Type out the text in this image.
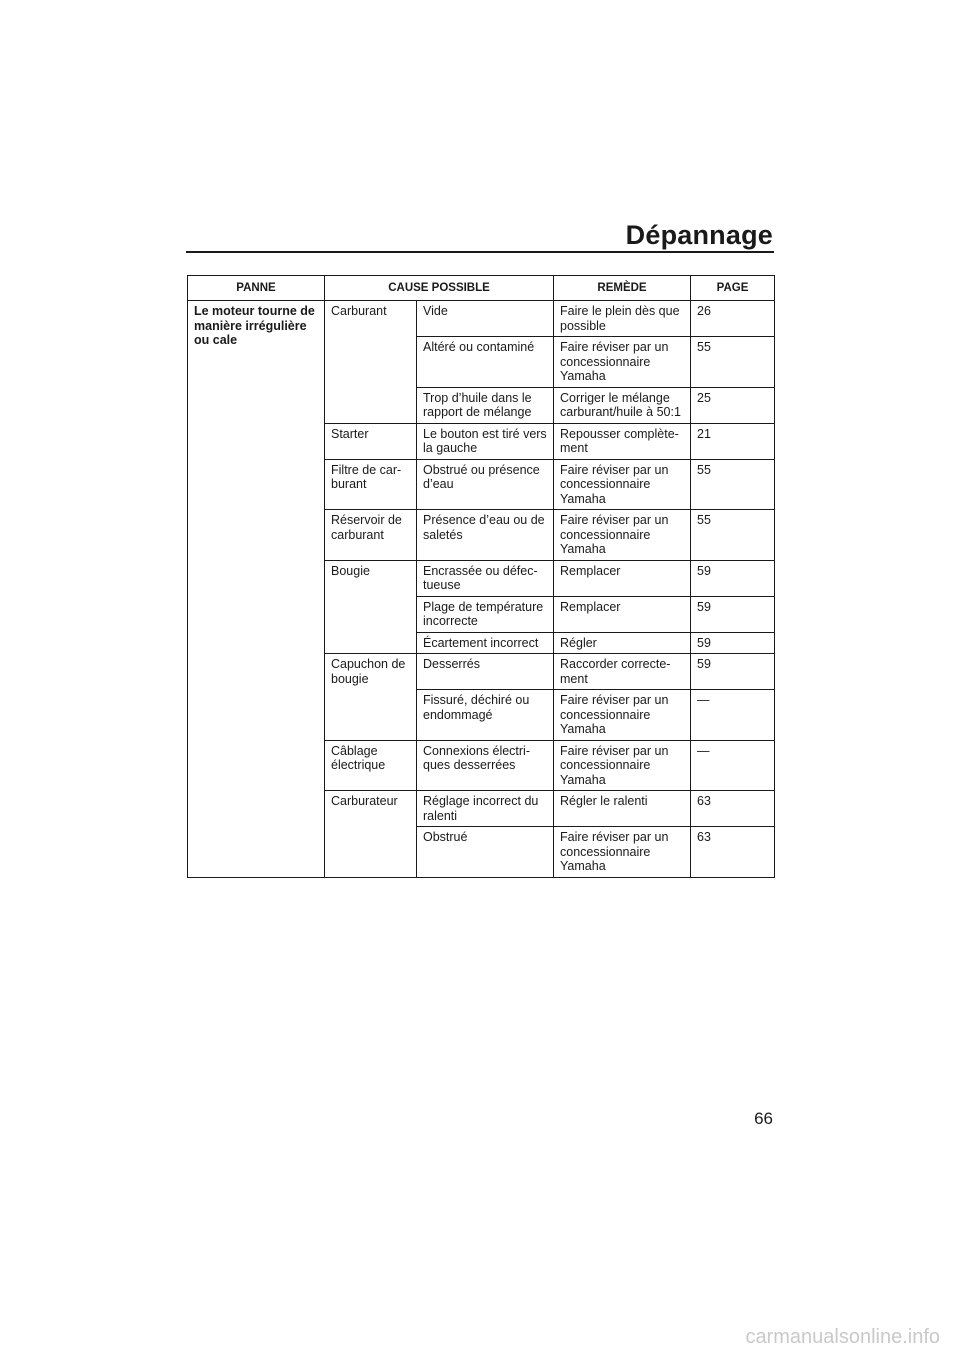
Dépannage
PANNE	CAUSE POSSIBLE		REMÈDE	PAGE
Le moteur tourne de manière irrégulière ou cale	Carburant	Vide	Faire le plein dès que possible	26
		Altéré ou contaminé	Faire réviser par un concessionnaire Yamaha	55
		Trop d’huile dans le rapport de mélange	Corriger le mélange carburant/huile à 50:1	25
	Starter	Le bouton est tiré vers la gauche	Repousser complète-ment	21
	Filtre de car-burant	Obstrué ou présence d’eau	Faire réviser par un concessionnaire Yamaha	55
	Réservoir de carburant	Présence d’eau ou de saletés	Faire réviser par un concessionnaire Yamaha	55
	Bougie	Encrassée ou défec-tueuse	Remplacer	59
		Plage de température incorrecte	Remplacer	59
		Écartement incorrect	Régler	59
	Capuchon de bougie	Desserrés	Raccorder correcte-ment	59
		Fissuré, déchiré ou endommagé	Faire réviser par un concessionnaire Yamaha	—
	Câblage électrique	Connexions électri-ques desserrées	Faire réviser par un concessionnaire Yamaha	—
	Carburateur	Réglage incorrect du ralenti	Régler le ralenti	63
		Obstrué	Faire réviser par un concessionnaire Yamaha	63
66
carmanualsonline.info
